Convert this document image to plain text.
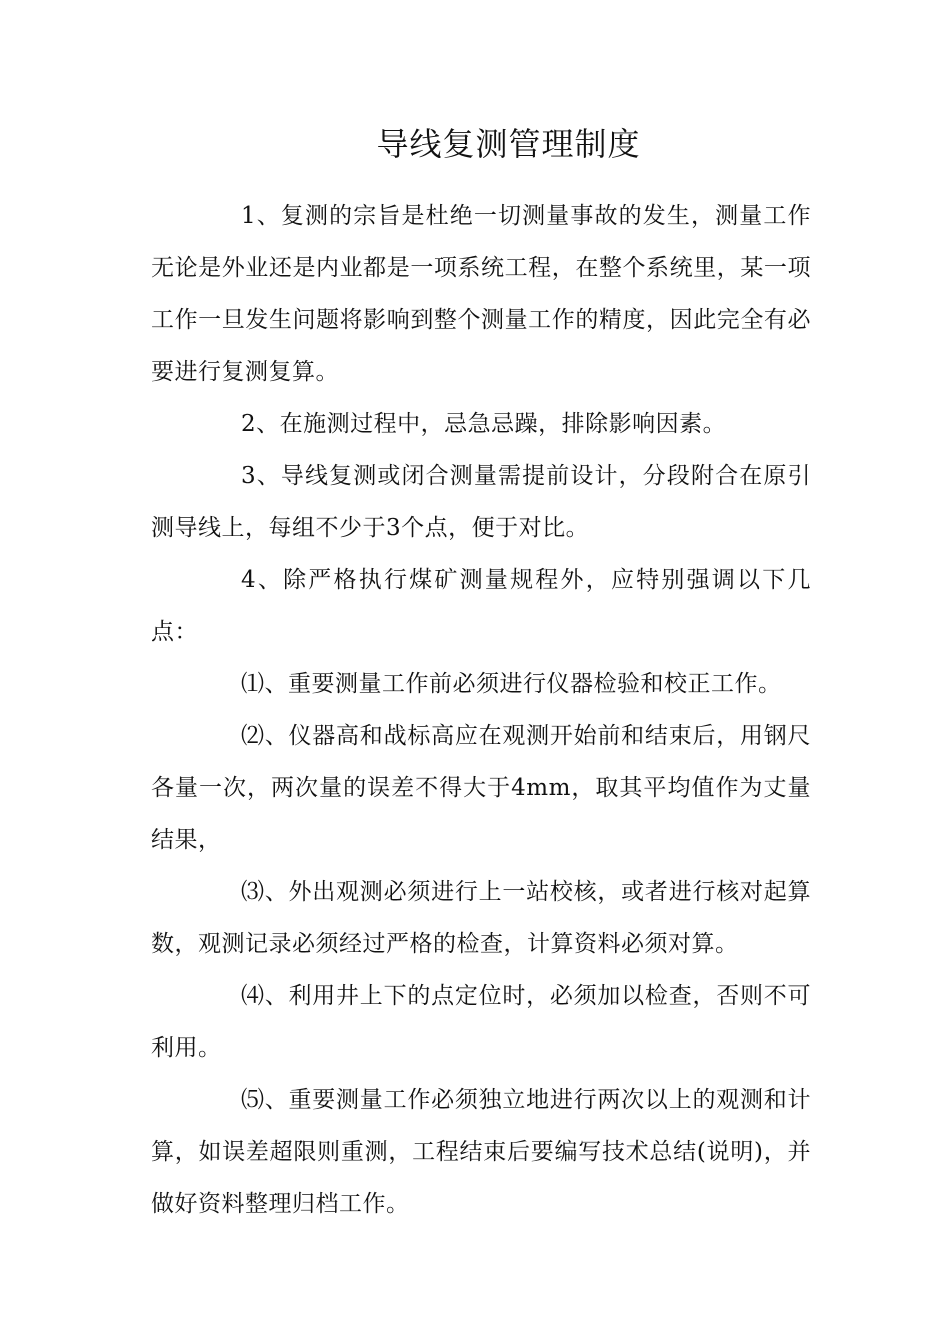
导线复测管理制度

1、复测的宗旨是杜绝一切测量事故的发生，测量工作无论是外业还是内业都是一项系统工程，在整个系统里，某一项工作一旦发生问题将影响到整个测量工作的精度，因此完全有必要进行复测复算。

2、在施测过程中，忌急忌躁，排除影响因素。

3、导线复测或闭合测量需提前设计，分段附合在原引测导线上，每组不少于3个点，便于对比。

4、除严格执行煤矿测量规程外，应特别强调以下几点：

⑴、重要测量工作前必须进行仪器检验和校正工作。

⑵、仪器高和战标高应在观测开始前和结束后，用钢尺各量一次，两次量的误差不得大于4mm，取其平均值作为丈量结果，

⑶、外出观测必须进行上一站校核，或者进行核对起算数，观测记录必须经过严格的检查，计算资料必须对算。

⑷、利用井上下的点定位时，必须加以检查，否则不可利用。

⑸、重要测量工作必须独立地进行两次以上的观测和计算，如误差超限则重测，工程结束后要编写技术总结(说明)，并做好资料整理归档工作。
